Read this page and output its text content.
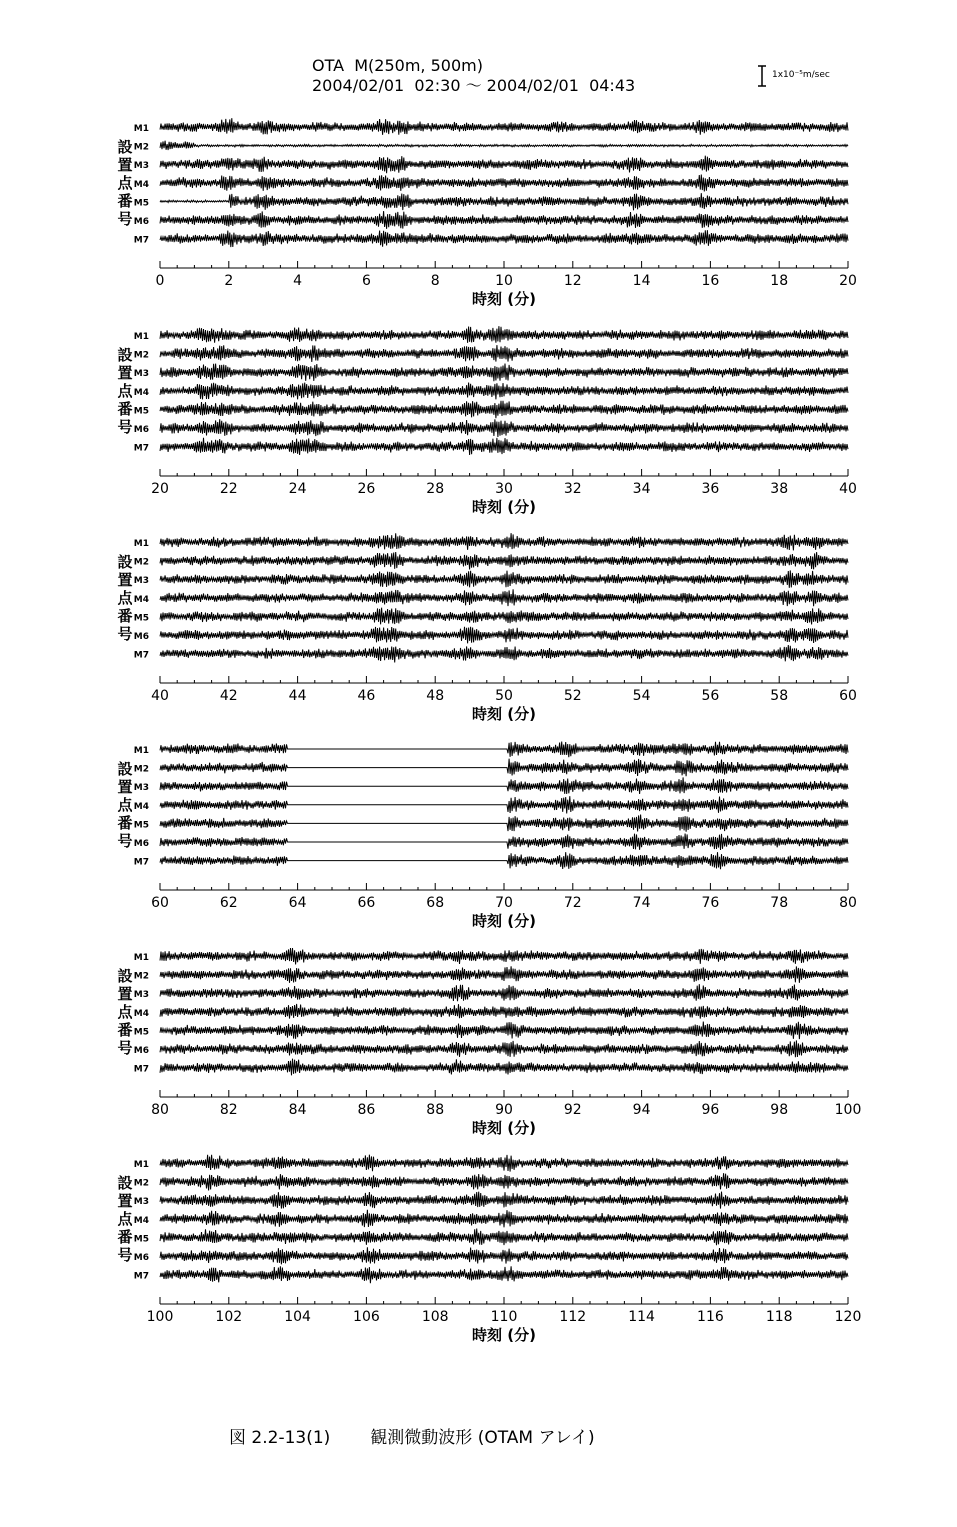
OTA  M(250m, 500m)
2004/02/01  02:30 ～ 2004/02/01  04:43
1x10⁻⁵m/sec
M1
M2
M3
M4
M5
M6
M7
0	2	4	6	8	10	12	14	16	18	20
時刻 (分)
設
置
点
番
号
M1
M2
M3
M4
M5
M6
M7
20	22	24	26	28	30	32	34	36	38	40
時刻 (分)
設
置
点
番
号
M1
M2
M3
M4
M5
M6
M7
40	42	44	46	48	50	52	54	56	58	60
時刻 (分)
設
置
点
番
号
M1
M2
M3
M4
M5
M6
M7
60	62	64	66	68	70	72	74	76	78	80
時刻 (分)
設
置
点
番
号
M1
M2
M3
M4
M5
M6
M7
80	82	84	86	88	90	92	94	96	98	100
時刻 (分)
設
置
点
番
号
M1
M2
M3
M4
M5
M6
M7
100	102	104	106	108	110	112	114	116	118	120
時刻 (分)
設
置
点
番
号
図 2.2-13(1) 観測微動波形 (OTAM アレイ)
